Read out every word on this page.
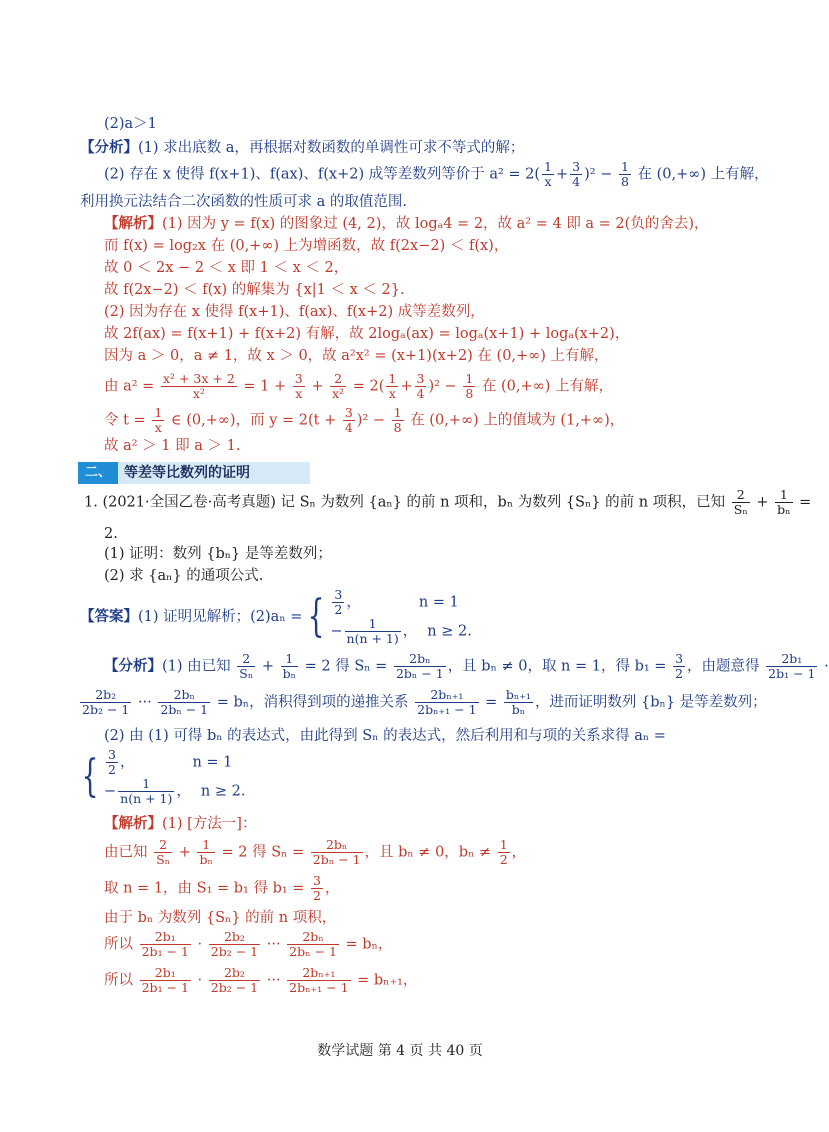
(2)a＞1
【分析】(1) 求出底数 a，再根据对数函数的单调性可求不等式的解；
(2) 存在 x 使得 f(x+1)、f(ax)、f(x+2) 成等差数列等价于 $a^2 = 2( \frac{1}{x} + \frac{3}{4} )^2 - \frac{1}{8}$ 在 (0,+∞) 上有解，
利用换元法结合二次函数的性质可求 a 的取值范围.
【解析】(1) 因为 y = f(x) 的图象过 (4, 2)，故 logₐ4 = 2，故 a² = 4 即 a = 2(负的舍去)，
而 f(x) = log₂x 在 (0,+∞) 上为增函数，故 f(2x−2) ＜ f(x)，
故 0 ＜ 2x − 2 ＜ x 即 1 ＜ x ＜ 2，
故 f(2x−2) ＜ f(x) 的解集为 {x|1 ＜ x ＜ 2}.
(2) 因为存在 x 使得 f(x+1)、f(ax)、f(x+2) 成等差数列，
故 2f(ax) = f(x+1) + f(x+2) 有解，故 2logₐ(ax) = logₐ(x+1) + logₐ(x+2)，
因为 a ＞ 0，a ≠ 1，故 x ＞ 0，故 a²x² = (x+1)(x+2) 在 (0,+∞) 上有解，
由 $a^2 = \frac{\text{x² + 3x + 2}}{\text{x²}} = 1 + \frac{3}{x} + \frac{2}{\text{x²}} = 2( \frac{1}{x} + \frac{3}{4} )^2 - \frac{1}{8}$ 在 (0,+∞) 上有解，
令 $t = \frac{1}{x}$ ∈ (0,+∞)，而 $y = 2(t + \frac{3}{4} )^2 - \frac{1}{8}$ 在 (0,+∞) 上的值域为 (1,+∞)，
故 a² ＞ 1 即 a ＞ 1.
二、 等差等比数列的证明
1. (2021·全国乙卷·高考真题) 记 Sₙ 为数列 {aₙ} 的前 n 项和，bₙ 为数列 {Sₙ} 的前 n 项积，已知 $\frac{2}{\text{Sₙ}} + \frac{1}{\text{bₙ}}$ =
2.
(1) 证明：数列 {bₙ} 是等差数列；
(2) 求 {aₙ} 的通项公式.
【答案】(1) 证明见解析；(2)aₙ = { $\frac{3}{2}$ ，	n = 1
− $\frac{1}{n(n + 1)}$ ， n ≥ 2.
【分析】(1) 由已知 $\frac{2}{\text{Sₙ}} + \frac{1}{\text{bₙ}} = 2$ 得 $S_n = \frac{\text{2bₙ}}{\text{2bₙ − 1}}$ ，且 bₙ ≠ 0，取 n = 1，得 $b_1 = \frac{3}{2}$ ，由题意得 $\frac{\text{2b₁}}{\text{2b₁ − 1}}$ ·
$\frac{\text{2b₂}}{\text{2b₂ − 1}}$ ··· $\frac{\text{2bₙ}}{\text{2bₙ − 1}} = b_n$，消积得到项的递推关系 $\frac{\text{2bₙ₊₁}}{\text{2bₙ₊₁ − 1}} = \frac{\text{bₙ₊₁}}{\text{bₙ}}$ ，进而证明数列 {bₙ} 是等差数列；
(2) 由 (1) 可得 bₙ 的表达式，由此得到 Sₙ 的表达式，然后利用和与项的关系求得 aₙ =
{ $\frac{3}{2}$ ，	n = 1
− $\frac{1}{n(n + 1)}$ ， n ≥ 2.
【解析】(1) [方法一]：
由已知 $\frac{2}{\text{Sₙ}} + \frac{1}{\text{bₙ}} = 2$ 得 $S_n = \frac{\text{2bₙ}}{\text{2bₙ − 1}}$ ，且 bₙ ≠ 0，$b_n \ne \frac{1}{2}$ ，
取 n = 1，由 S₁ = b₁ 得 $b_1 = \frac{3}{2}$ ，
由于 bₙ 为数列 {Sₙ} 的前 n 项积，
所以 $\frac{\text{2b₁}}{\text{2b₁ − 1}} \cdot \frac{\text{2b₂}}{\text{2b₂ − 1}}$ ··· $\frac{\text{2bₙ}}{\text{2bₙ − 1}} = b_n$，
所以 $\frac{\text{2b₁}}{\text{2b₁ − 1}} \cdot \frac{\text{2b₂}}{\text{2b₂ − 1}}$ ··· $\frac{\text{2bₙ₊₁}}{\text{2bₙ₊₁ − 1}} = b_{n+1}$，
数学试题 第 4 页 共 40 页
